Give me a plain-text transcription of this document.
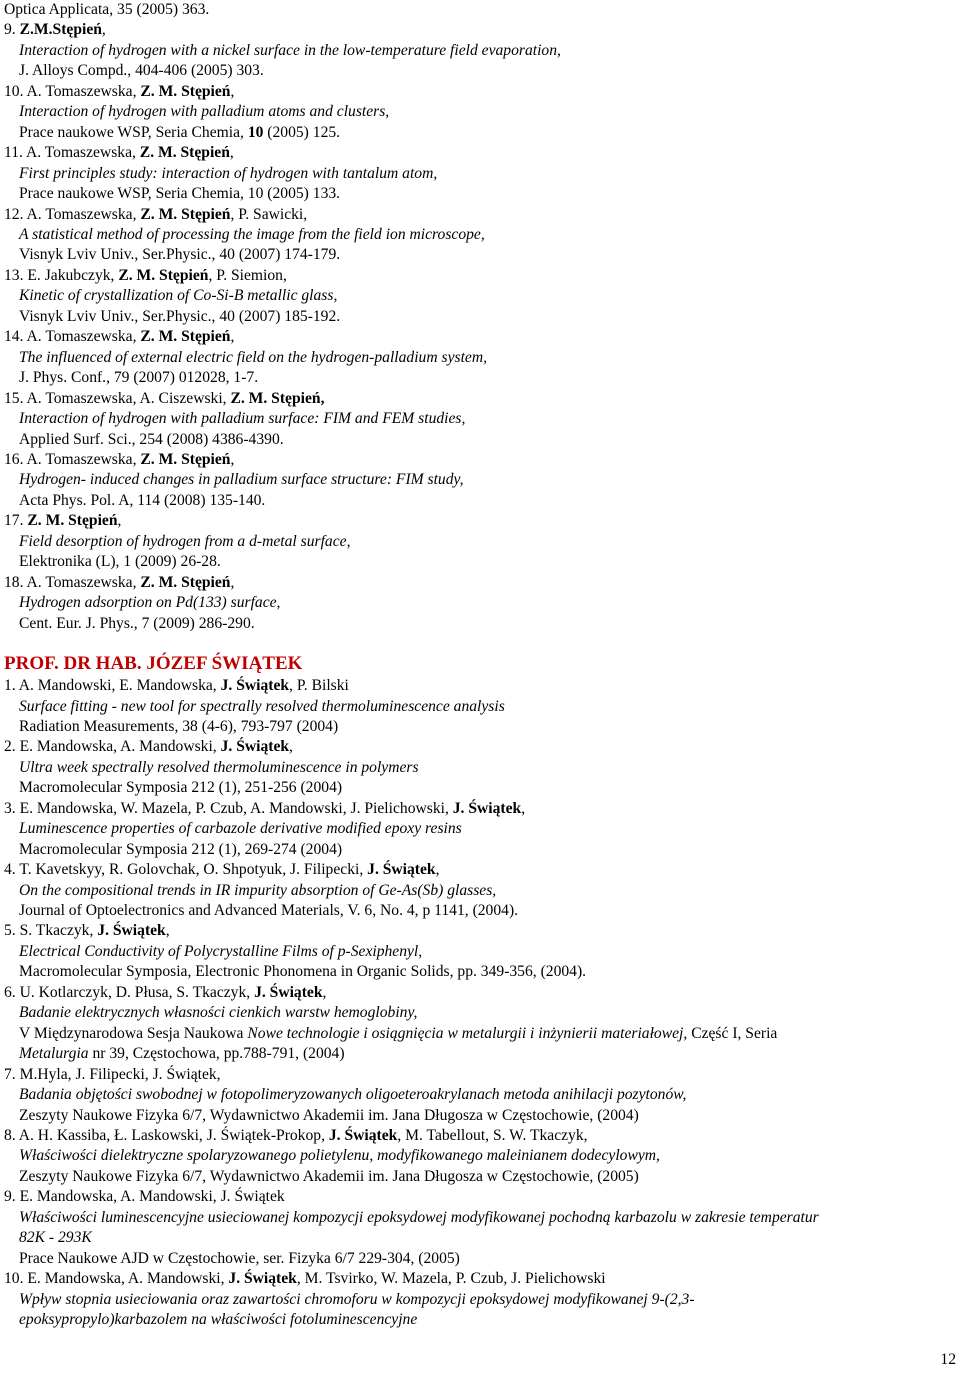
Optica Applicata, 35 (2005) 363.
9. Z.M.Stępień,
Interaction of hydrogen with a nickel surface in the low-temperature field evaporation,
J. Alloys Compd., 404-406 (2005) 303.
10. A. Tomaszewska, Z. M. Stępień,
Interaction of hydrogen with palladium atoms and clusters,
Prace naukowe WSP, Seria Chemia, 10 (2005) 125.
11. A. Tomaszewska, Z. M. Stępień,
First principles study: interaction of hydrogen with tantalum atom,
Prace naukowe WSP, Seria Chemia, 10 (2005) 133.
12. A. Tomaszewska, Z. M. Stępień, P. Sawicki,
A statistical method of processing the image from the field ion microscope,
Visnyk Lviv Univ., Ser.Physic., 40 (2007) 174-179.
13. E. Jakubczyk, Z. M. Stępień, P. Siemion,
Kinetic of crystallization of Co-Si-B metallic glass,
Visnyk Lviv Univ., Ser.Physic., 40 (2007) 185-192.
14. A. Tomaszewska, Z. M. Stępień,
The influenced of external electric field on the hydrogen-palladium system,
J. Phys. Conf., 79 (2007) 012028, 1-7.
15. A. Tomaszewska, A. Ciszewski, Z. M. Stępień,
Interaction of hydrogen with palladium surface: FIM and FEM studies,
Applied Surf. Sci., 254 (2008) 4386-4390.
16. A. Tomaszewska, Z. M. Stępień,
Hydrogen- induced changes in palladium surface structure: FIM study,
Acta Phys. Pol. A, 114 (2008) 135-140.
17. Z. M. Stępień,
Field desorption of hydrogen from a d-metal surface,
Elektronika (L), 1 (2009) 26-28.
18. A. Tomaszewska, Z. M. Stępień,
Hydrogen adsorption on Pd(133) surface,
Cent. Eur. J. Phys., 7 (2009) 286-290.
PROF. DR HAB. JÓZEF ŚWIĄTEK
1. A. Mandowski, E. Mandowska, J. Świątek, P. Bilski
Surface fitting - new tool for spectrally resolved thermoluminescence analysis
Radiation Measurements, 38 (4-6), 793-797 (2004)
2. E. Mandowska, A. Mandowski, J. Świątek,
Ultra week spectrally resolved thermoluminescence in polymers
Macromolecular Symposia 212 (1), 251-256 (2004)
3. E. Mandowska, W. Mazela, P. Czub, A. Mandowski, J. Pielichowski, J. Świątek,
Luminescence properties of carbazole derivative modified epoxy resins
Macromolecular Symposia 212 (1), 269-274 (2004)
4. T. Kavetskyy, R. Golovchak, O. Shpotyuk, J. Filipecki, J. Świątek,
On the compositional trends in IR impurity absorption of Ge-As(Sb) glasses,
Journal of Optoelectronics and Advanced Materials, V. 6, No. 4, p 1141, (2004).
5. S. Tkaczyk, J. Świątek,
Electrical Conductivity of Polycrystalline Films of p-Sexiphenyl,
Macromolecular Symposia, Electronic Phonomena in Organic Solids, pp. 349-356, (2004).
6. U. Kotlarczyk, D. Płusa, S. Tkaczyk, J. Świątek,
Badanie elektrycznych własności cienkich warstw hemoglobiny,
V Międzynarodowa Sesja Naukowa Nowe technologie i osiągnięcia w metalurgii i inżynierii materiałowej, Część I, Seria
Metalurgia nr 39, Częstochowa, pp.788-791, (2004)
7. M.Hyla, J. Filipecki, J. Świątek,
Badania objętości swobodnej w fotopolimeryzowanych oligoeteroakrylanach metoda anihilacji pozytonów,
Zeszyty Naukowe Fizyka 6/7, Wydawnictwo Akademii im. Jana Długosza w Częstochowie, (2004)
8. A. H. Kassiba, Ł. Laskowski, J. Świątek-Prokop, J. Świątek, M. Tabellout, S. W. Tkaczyk,
Właściwości dielektryczne spolaryzowanego polietylenu, modyfikowanego maleinianem dodecylowym,
Zeszyty Naukowe Fizyka 6/7, Wydawnictwo Akademii im. Jana Długosza w Częstochowie, (2005)
9. E. Mandowska, A. Mandowski, J. Świątek
Właściwości luminescencyjne usieciowanej kompozycji epoksydowej modyfikowanej pochodną karbazolu w zakresie temperatur
82K - 293K
Prace Naukowe AJD w Częstochowie, ser. Fizyka 6/7 229-304, (2005)
10. E. Mandowska, A. Mandowski, J. Świątek, M. Tsvirko, W. Mazela, P. Czub, J. Pielichowski
Wpływ stopnia usieciowania oraz zawartości chromoforu w kompozycji epoksydowej modyfikowanej 9-(2,3-
epoksypropylo)karbazolem na właściwości fotoluminescencyjne
12
